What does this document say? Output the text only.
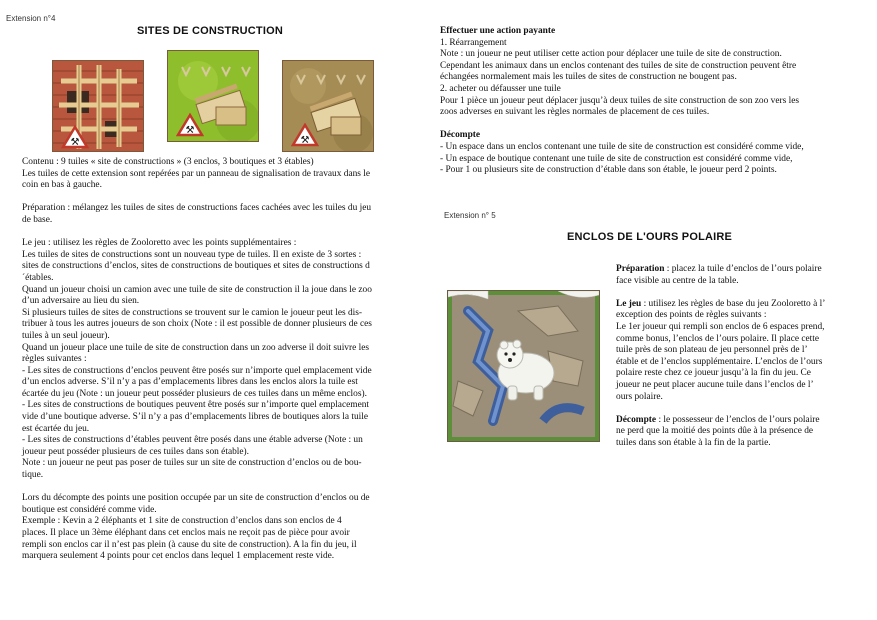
Extension n°4
SITES DE CONSTRUCTION
⚒
⚒
⚒

Contenu : 9 tuiles « site de constructions » (3 enclos, 3 boutiques et 3 étables)

Les tuiles de cette extension sont repérées par un panneau de signalisation de travaux dans le

coin en bas à gauche.

Préparation : mélangez les tuiles de sites de constructions faces cachées avec les tuiles du jeu

de base.

Le jeu : utilisez les règles de Zooloretto avec les points supplémentaires :

Les tuiles de sites de constructions sont un nouveau type de tuiles. Il en existe de 3 sortes :

sites de constructions d’enclos, sites de constructions de boutiques et sites de constructions d

´étables.

Quand un joueur choisi un camion avec une tuile de site de construction il la joue dans le zoo

d’un adversaire au lieu du sien.

Si plusieurs tuiles de sites de constructions se trouvent sur le camion le joueur peut les dis-

tribuer à tous les autres joueurs de son choix (Note : il est possible de donner plusieurs de ces

tuiles à un seul joueur).

Quand un joueur place une tuile de site de construction dans un zoo adverse il doit suivre les

règles suivantes :

- Les sites de constructions d’enclos peuvent être posés sur n’importe quel emplacement vide

d’un enclos adverse. S’il n’y a pas d’emplacements libres dans les enclos alors la tuile est

écartée du jeu (Note : un joueur peut posséder plusieurs de ces tuiles dans un même enclos).

- Les sites de constructions de boutiques peuvent être posés sur n’importe quel emplacement

vide d’une boutique adverse. S’il n’y a pas d’emplacements libres de boutiques alors la tuile

est écartée du jeu.

- Les sites de constructions d’étables peuvent être posés dans une étable adverse (Note : un

joueur peut posséder plusieurs de ces tuiles dans son étable).

Note : un joueur ne peut pas poser de tuiles sur un site de construction d’enclos ou de bou-

tique.

Lors du décompte des points une position occupée par un site de construction d’enclos ou de

boutique est considéré comme vide.

Exemple : Kevin a 2 éléphants et 1 site de construction d’enclos dans son enclos de 4

places. Il place un 3ème éléphant dans cet enclos mais ne reçoit pas de pièce pour avoir

rempli son enclos car il n’est pas plein (à cause du site de construction). A la fin du jeu, il

marquera seulement 4 points pour cet enclos dans lequel 1 emplacement reste vide.

Effectuer une action payante

1. Réarrangement

Note : un joueur ne peut utiliser cette action pour déplacer une tuile de site de construction.

Cependant les animaux dans un enclos contenant des tuiles de site de construction peuvent être

échangées normalement mais les tuiles de sites de construction ne bougent pas.

2. acheter ou défausser une tuile

Pour 1 pièce un joueur peut déplacer jusqu’à deux tuiles de site construction de son zoo vers les

zoos adverses en suivant les règles normales de placement de ces tuiles.

Décompte

- Un espace dans un enclos contenant une tuile de site de construction est considéré comme vide,

- Un espace de boutique contenant une tuile de site de construction est considéré comme vide,

- Pour 1 ou plusieurs site de construction d’étable dans son étable, le joueur perd 2 points.

Extension n° 5
ENCLOS DE L'OURS POLAIRE

Préparation : placez la tuile d’enclos de l’ours polaire

face visible au centre de la table.

Le jeu : utilisez les règles de base du jeu Zooloretto à l’

exception des points de règles suivants :

Le 1er joueur qui rempli son enclos de 6 espaces prend,

comme bonus, l’enclos de l’ours polaire. Il place cette

tuile près de son plateau de jeu personnel près de l’

étable et de l’enclos supplémentaire. L’enclos de l’ours

polaire reste chez ce joueur jusqu’à la fin du jeu. Ce

joueur ne peut placer aucune tuile dans l’enclos de l’

ours polaire.

Décompte : le possesseur de l’enclos de l’ours polaire

ne perd que la moitié des points dûe à la présence de

tuiles dans son étable à la fin de la partie.
